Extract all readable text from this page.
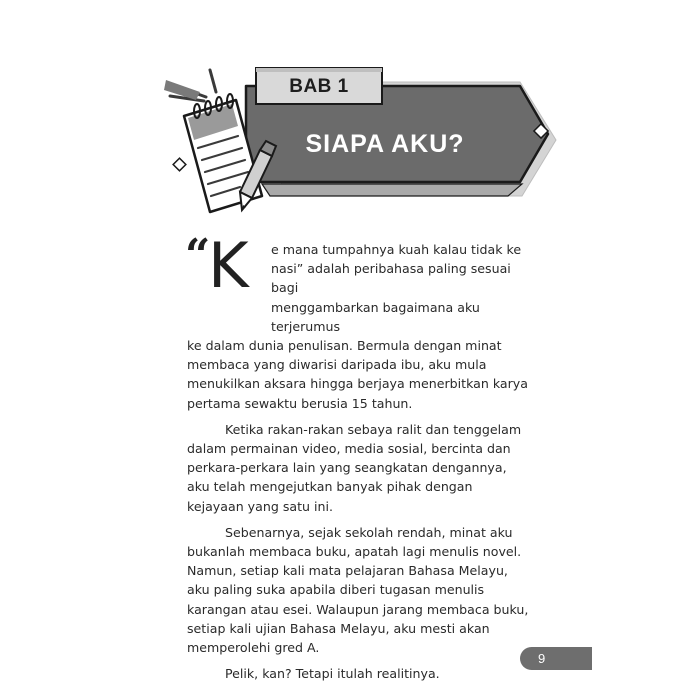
BAB 1
SIAPA AKU?

“
K	e mana tumpahnya kuah kalau tidak ke
nasi” adalah peribahasa paling sesuai bagi
menggambarkan bagaimana aku terjerumus
ke dalam dunia penulisan. Bermula dengan minat membaca yang diwarisi daripada ibu, aku mula menukilkan aksara hingga berjaya menerbitkan karya pertama sewaktu berusia 15 tahun.

Ketika rakan-rakan sebaya ralit dan tenggelam dalam permainan video, media sosial, bercinta dan perkara-perkara lain yang seangkatan dengannya, aku telah mengejutkan banyak pihak dengan kejayaan yang satu ini.

Sebenarnya, sejak sekolah rendah, minat aku bukanlah membaca buku, apatah lagi menulis novel. Namun, setiap kali mata pelajaran Bahasa Melayu, aku paling suka apabila diberi tugasan menulis karangan atau esei. Walaupun jarang membaca buku, setiap kali ujian Bahasa Melayu, aku mesti akan memperolehi gred A.

Pelik, kan? Tetapi itulah realitinya.

9
